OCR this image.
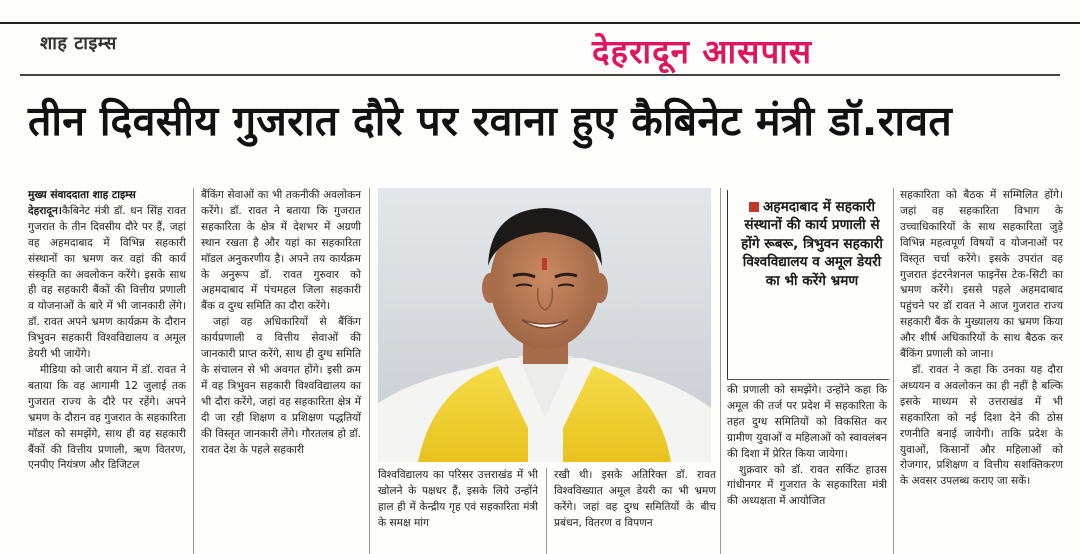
शाह टाइम्स	देहरादून आसपास
तीन दिवसीय गुजरात दौरे पर रवाना हुए कैबिनेट मंत्री डॉ.रावत

मुख्य संवाददाता शाह टाइम्स

देहरादून।कैबिनेट मंत्री डॉ. धन सिंह रावत गुजरात के तीन दिवसीय दौरे पर हैं, जहां वह अहमदाबाद में विभिन्न सहकारी संस्थानों का भ्रमण कर वहां की कार्य संस्कृति का अवलोकन करेंगे। इसके साथ ही वह सहकारी बैंकों की वित्तीय प्रणाली व योजनाओं के बारे में भी जानकारी लेंगे। डॉ. रावत अपने भ्रमण कार्यक्रम के दौरान त्रिभुवन सहकारी विश्वविद्यालय व अमूल डेयरी भी जायेंगे।

मीडिया को जारी बयान में डॉ. रावत ने बताया कि वह आगामी 12 जुलाई तक गुजरात राज्य के दौरे पर रहेंगे। अपने भ्रमण के दौरान वह गुजरात के सहकारिता मॉडल को समझेंगे, साथ ही वह सहकारी बैंकों की वित्तीय प्रणाली, ऋण वितरण, एनपीए नियंत्रण और डिजिटल

बैंकिंग सेवाओं का भी तकनीकी अवलोकन करेंगे। डॉ. रावत ने बताया कि गुजरात सहकारिता के क्षेत्र में देशभर में अग्रणी स्थान रखता है और यहां का सहकारिता मॉडल अनुकरणीय है। अपने तय कार्यक्रम के अनुरूप डॉ. रावत गुरुवार को अहमदाबाद में पंचमहल जिला सहकारी बैंक व दुग्ध समिति का दौरा करेंगे।

जहां वह अधिकारियों से बैंकिंग कार्यप्रणाली व वित्तीय सेवाओं की जानकारी प्राप्त करेंगे, साथ ही दुग्ध समिति के संचालन से भी अवगत होंगे। इसी क्रम में वह त्रिभुवन सहकारी विश्वविद्यालय का भी दौरा करेंगे, जहां वह सहकारिता क्षेत्र में दी जा रही शिक्षण व प्रशिक्षण पद्धतियों की विस्तृत जानकारी लेंगे। गौरतलब हो डॉ. रावत देश के पहले सहकारी

विश्वविद्यालय का परिसर उत्तराखंड में भी खोलने के पक्षधर हैं, इसके लिये उन्होंने हाल ही में केन्द्रीय गृह एवं सहकारिता मंत्री के समक्ष मांग
रखी थी। इसके अतिरिक्त डॉ. रावत विश्वविख्यात अमूल डेयरी का भी भ्रमण करेंगे। जहां वह दुग्ध समितियों के बीच प्रबंधन, वितरण व विपणन
अहमदाबाद में सहकारी संस्थानों की कार्य प्रणाली से होंगे रूबरू, त्रिभुवन सहकारी विश्वविद्यालय व अमूल डेयरी का भी करेंगे भ्रमण

की प्रणाली को समझेंगे। उन्होंने कहा कि अमूल की तर्ज पर प्रदेश में सहकारिता के तहत दुग्ध समितियों को विकसित कर ग्रामीण युवाओं व महिलाओं को स्वावलंबन की दिशा में प्रेरित किया जायेगा।

शुक्रवार को डॉ. रावत सर्किट हाउस गांधीनगर में गुजरात के सहकारिता मंत्री की अध्यक्षता में आयोजित

सहकारिता को बैठक में सम्मिलित होंगे। जहां वह सहकारिता विभाग के उच्चाधिकारियों के साथ सहकारिता जुड़े विभिन्न महत्वपूर्ण विषयों व योजनाओं पर विस्तृत चर्चा करेंगे। इसके उपरांत वह गुजरात इंटरनेशनल फाइनेंस टेक-सिटी का भ्रमण करेंगे। इससे पहले अहमदाबाद पहुंचने पर डॉ रावत ने आज गुजरात राज्य सहकारी बैंक के मुख्यालय का भ्रमण किया और शीर्ष अधिकारियों के साथ बैठक कर बैंकिंग प्रणाली को जाना।

डॉ. रावत ने कहा कि उनका यह दौरा अध्ययन व अवलोकन का ही नहीं है बल्कि इसके माध्यम से उत्तराखंड में भी सहकारिता को नई दिशा देने की ठोस रणनीति बनाई जायेगी। ताकि प्रदेश के युवाओं, किसानों और महिलाओं को रोजगार, प्रशिक्षण व वित्तीय सशक्तिकरण के अवसर उपलब्ध कराए जा सकें।
